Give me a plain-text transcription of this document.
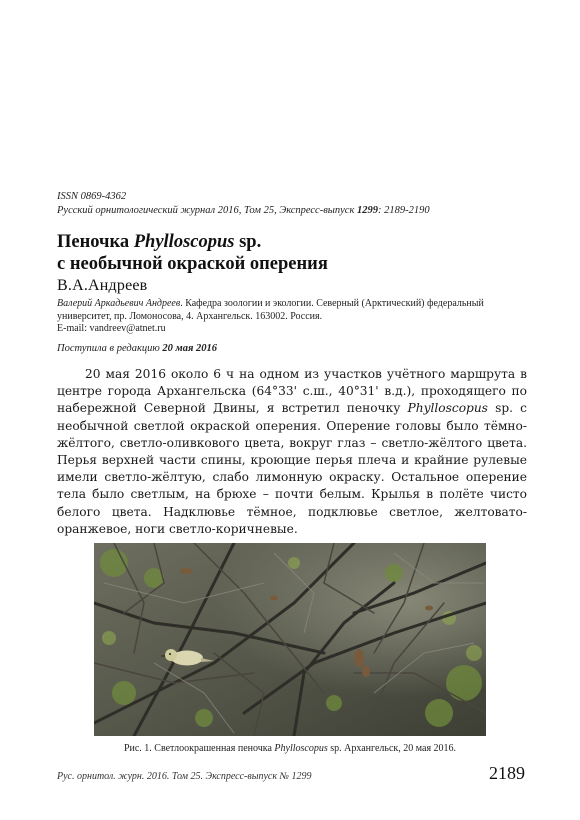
ISSN 0869-4362
Русский орнитологический журнал 2016, Том 25, Экспресс-выпуск 1299: 2189-2190
Пеночка Phylloscopus sp.
с необычной окраской оперения
В.А.Андреев
Валерий Аркадьевич Андреев. Кафедра зоологии и экологии. Северный (Арктический) федеральный университет, пр. Ломоносова, 4. Архангельск. 163002. Россия.
E-mail: vandreev@atnet.ru
Поступила в редакцию 20 мая 2016

20 мая 2016 около 6 ч на одном из участков учётного маршрута в центре города Архангельска (64°33' с.ш., 40°31' в.д.), проходящего по набережной Северной Двины, я встретил пеночку Phylloscopus sp. с необычной светлой окраской оперения. Оперение головы было тёмно-жёлтого, светло-оливкового цвета, вокруг глаз – светло-жёлтого цвета. Перья верхней части спины, кроющие перья плеча и крайние рулевые имели светло-жёлтую, слабо лимонную окраску. Остальное оперение тела было светлым, на брюхе – почти белым. Крылья в полёте чисто белого цвета. Надклювье тёмное, подклювье светлое, желтовато-оранжевое, ноги светло-коричневые.

Рис. 1. Светлоокрашенная пеночка Phylloscopus sp. Архангельск, 20 мая 2016.
Рус. орнитол. журн. 2016. Том 25. Экспресс-выпуск № 1299	2189
